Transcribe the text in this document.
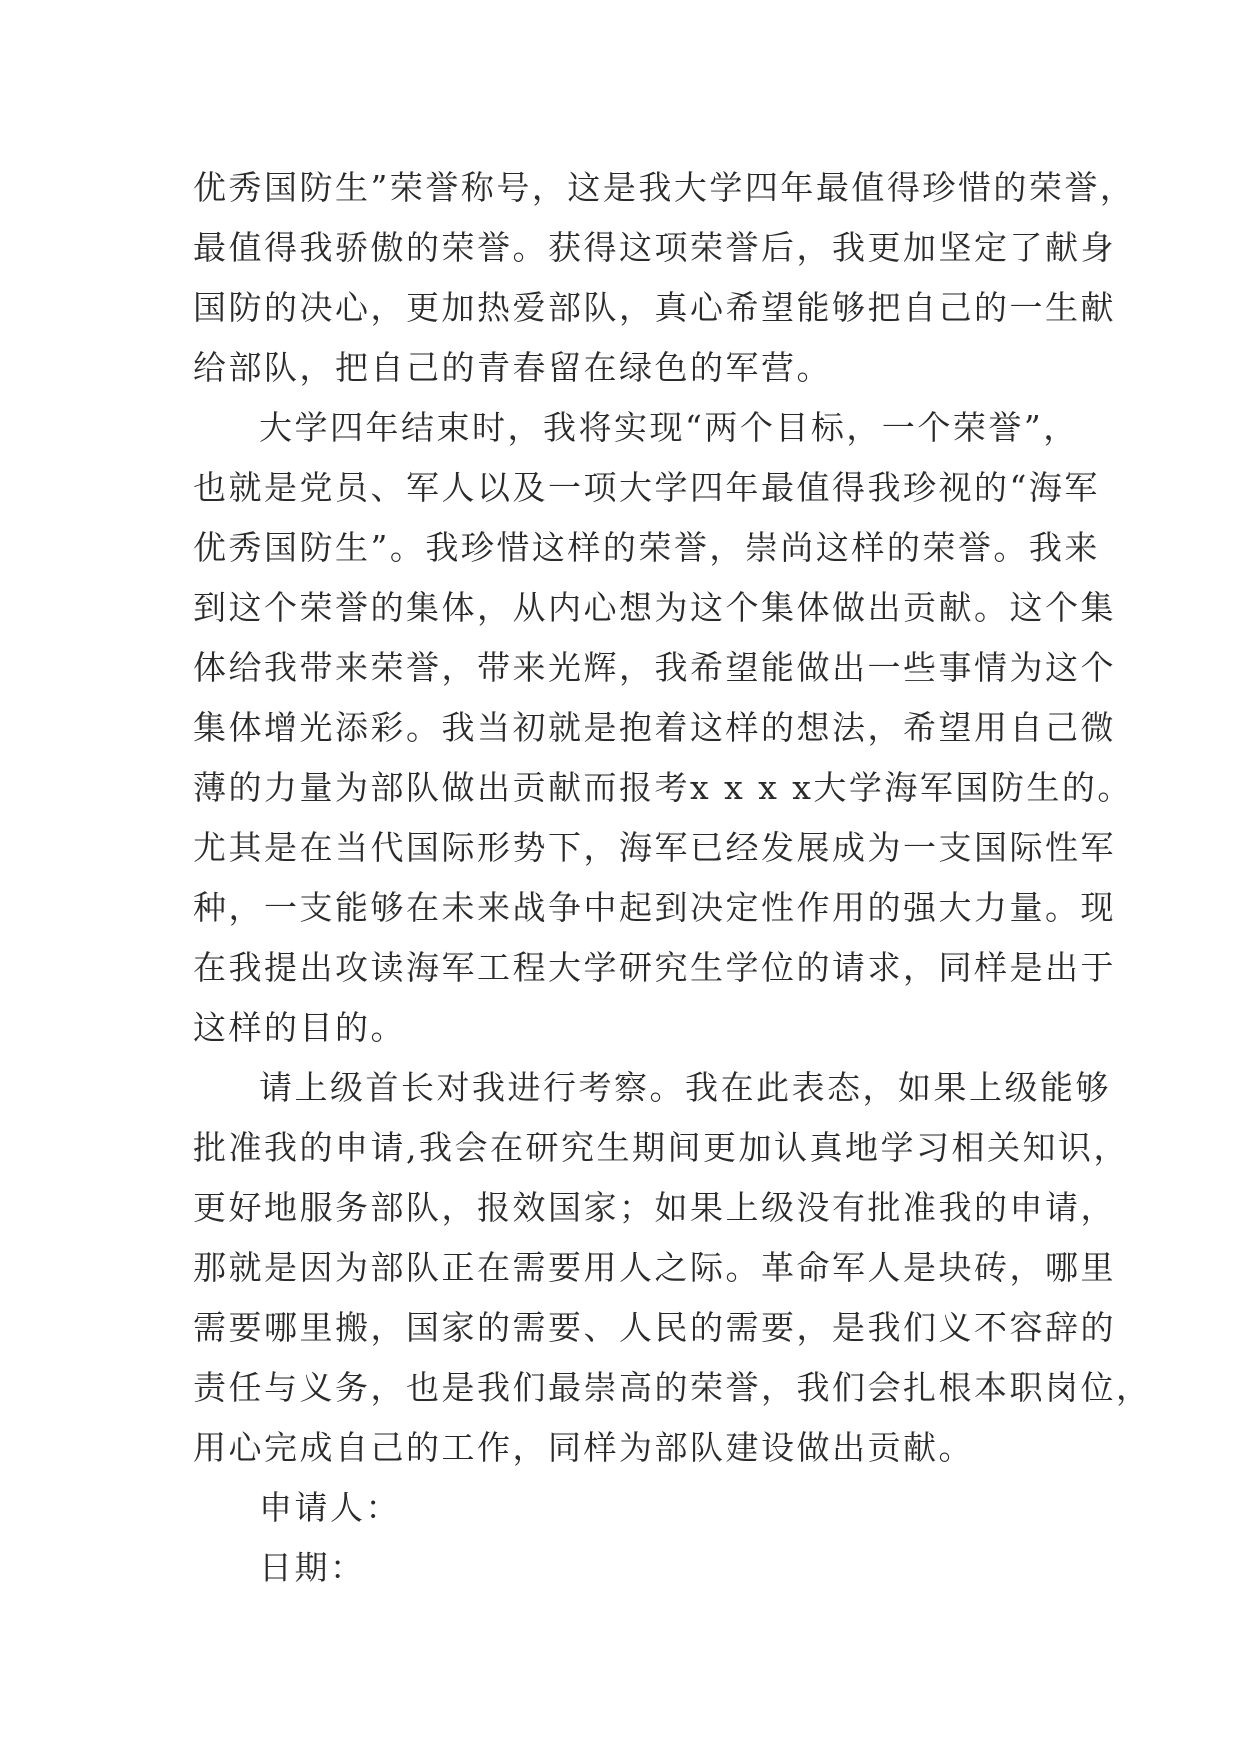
优秀国防生”荣誉称号，这是我大学四年最值得珍惜的荣誉，
最值得我骄傲的荣誉。获得这项荣誉后，我更加坚定了献身
国防的决心，更加热爱部队，真心希望能够把自己的一生献
给部队，把自己的青春留在绿色的军营。
大学四年结束时，我将实现“两个目标，一个荣誉”，
也就是党员、军人以及一项大学四年最值得我珍视的“海军
优秀国防生”。我珍惜这样的荣誉，崇尚这样的荣誉。我来
到这个荣誉的集体，从内心想为这个集体做出贡献。这个集
体给我带来荣誉，带来光辉，我希望能做出一些事情为这个
集体增光添彩。我当初就是抱着这样的想法，希望用自己微
薄的力量为部队做出贡献而报考x x x x大学海军国防生的。
尤其是在当代国际形势下，海军已经发展成为一支国际性军
种，一支能够在未来战争中起到决定性作用的强大力量。现
在我提出攻读海军工程大学研究生学位的请求，同样是出于
这样的目的。
请上级首长对我进行考察。我在此表态，如果上级能够
批准我的申请,我会在研究生期间更加认真地学习相关知识，
更好地服务部队，报效国家；如果上级没有批准我的申请，
那就是因为部队正在需要用人之际。革命军人是块砖，哪里
需要哪里搬，国家的需要、人民的需要，是我们义不容辞的
责任与义务，也是我们最崇高的荣誉，我们会扎根本职岗位，
用心完成自己的工作，同样为部队建设做出贡献。
申请人：
日期：
